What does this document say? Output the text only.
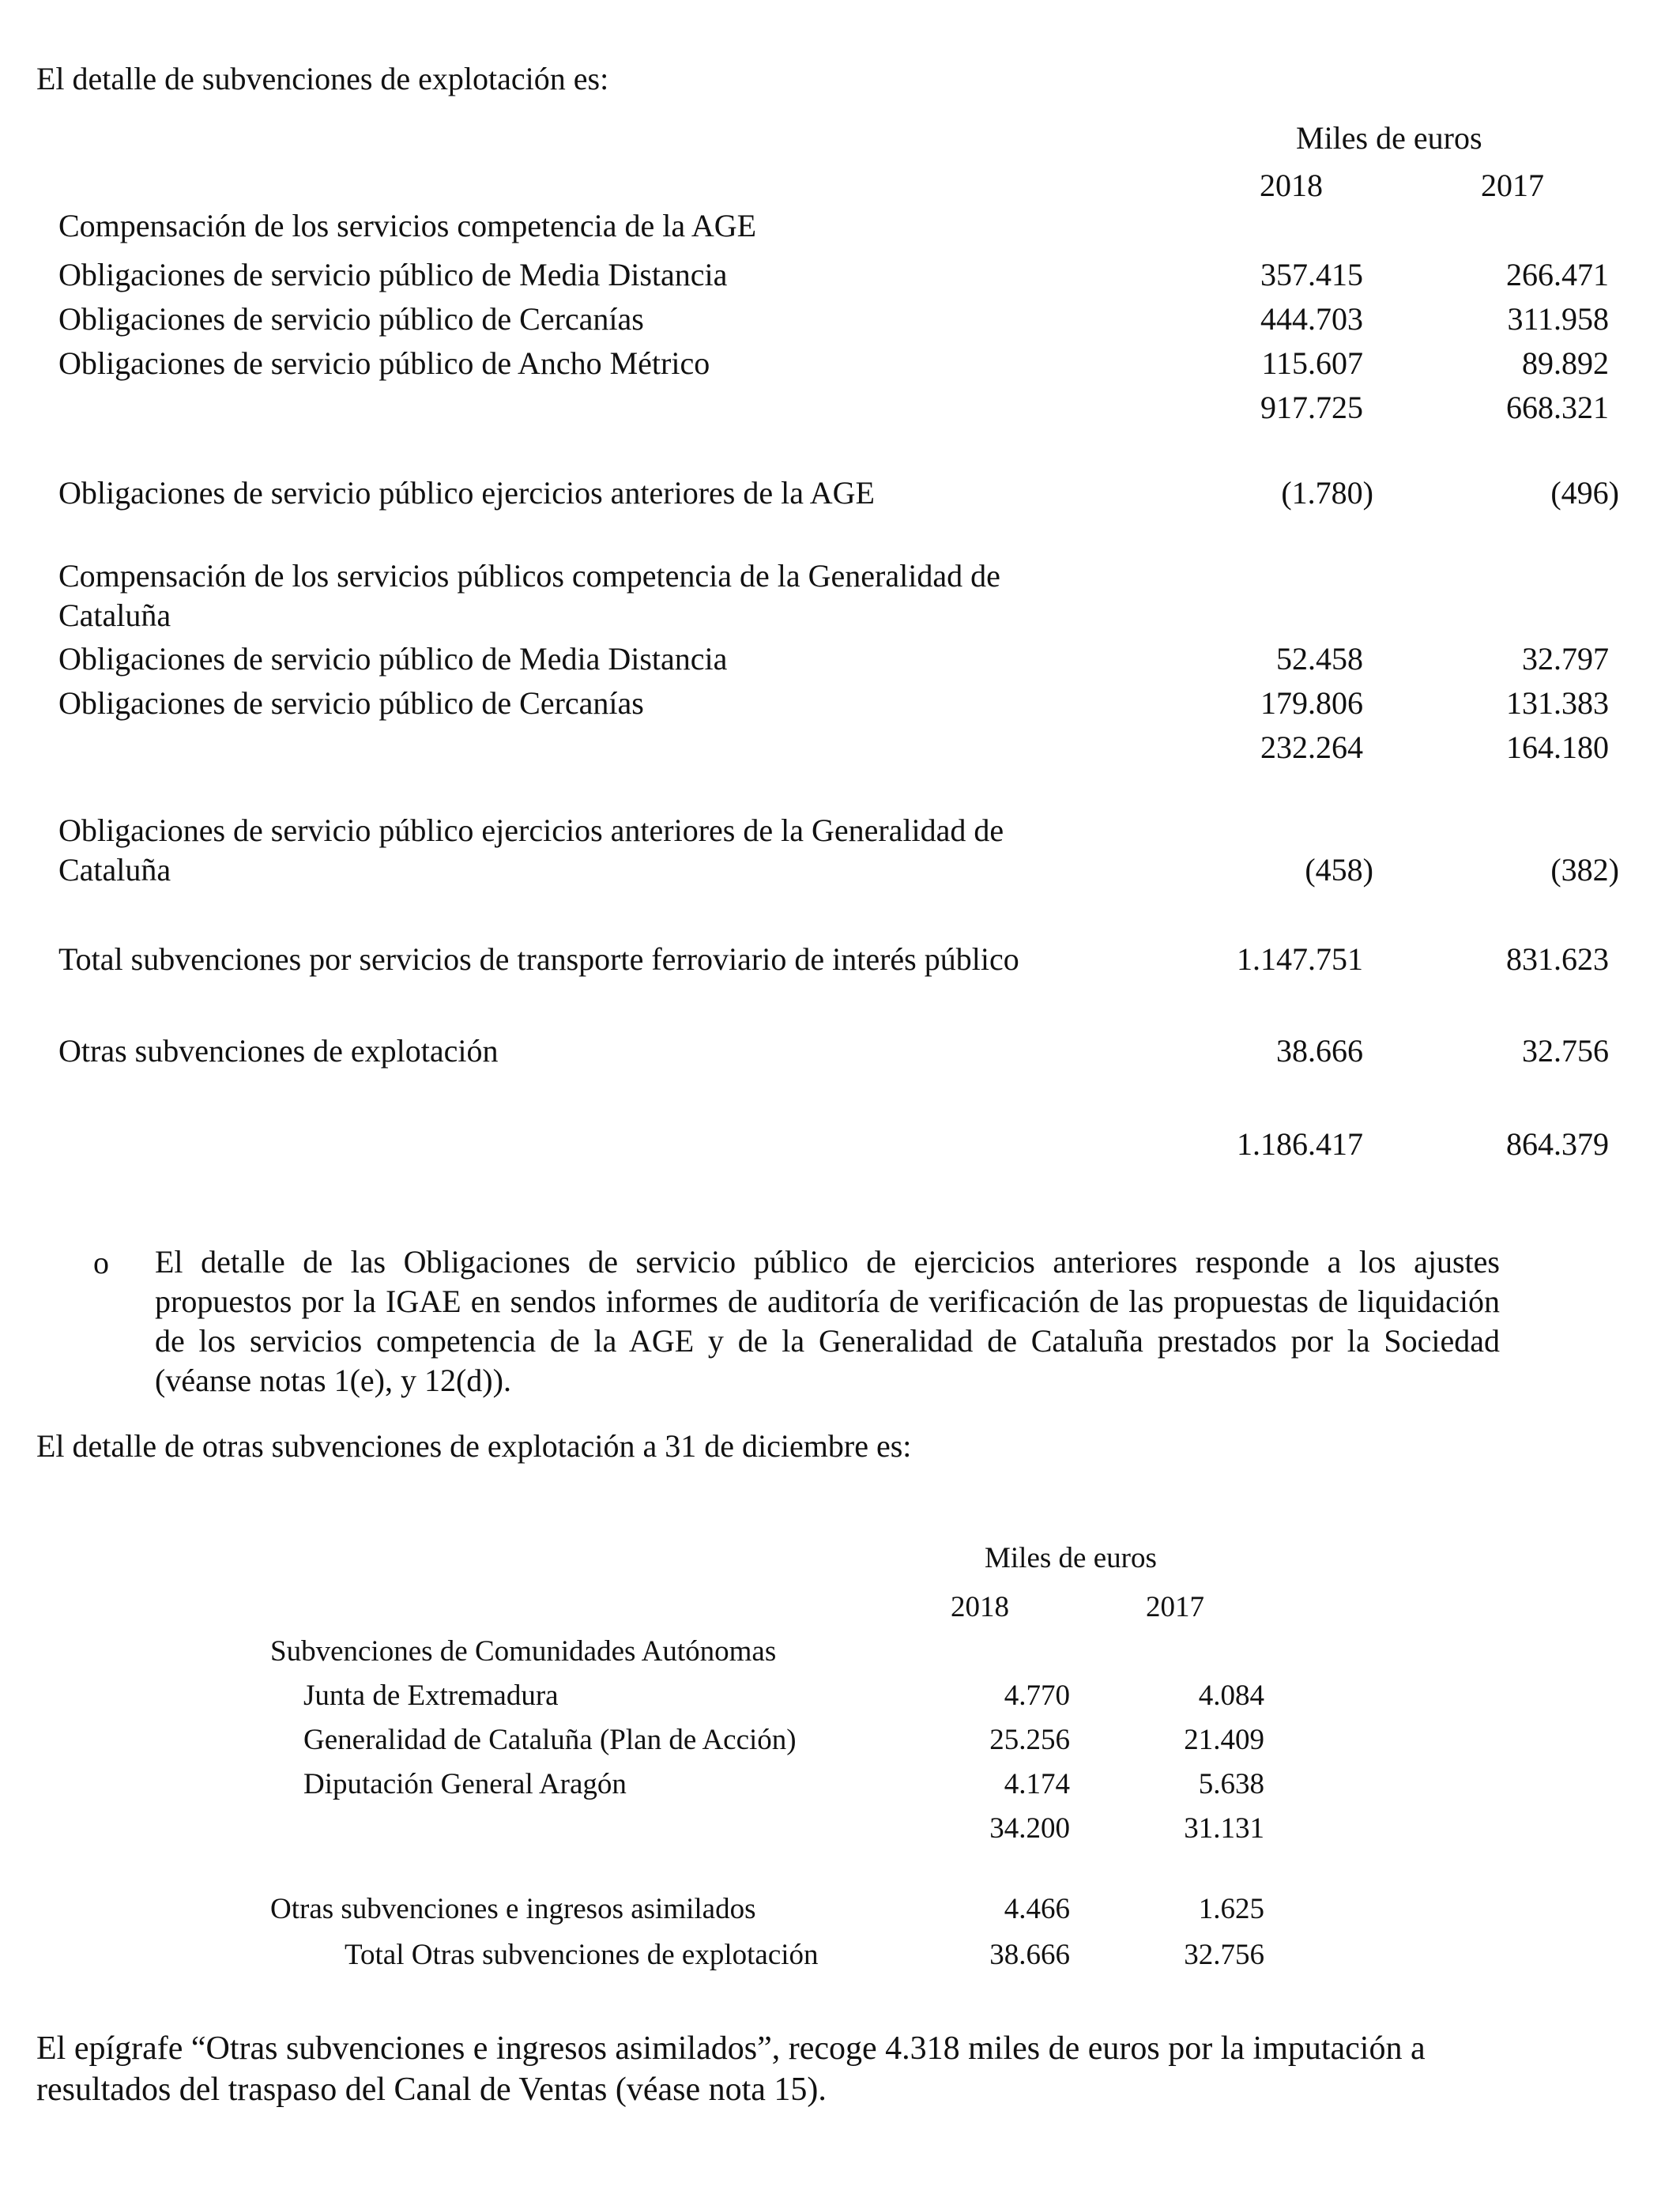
El detalle de subvenciones de explotación es:
Miles de euros
2018	2017
Compensación de los servicios competencia de la AGE
Obligaciones de servicio público de Media Distancia	357.415	266.471
Obligaciones de servicio público de Cercanías	444.703	311.958
Obligaciones de servicio público de Ancho Métrico	115.607	89.892
917.725	668.321
Obligaciones de servicio público ejercicios anteriores de la AGE	(1.780)	(496)
Compensación de los servicios públicos competencia de la Generalidad de
Cataluña
Obligaciones de servicio público de Media Distancia	52.458	32.797
Obligaciones de servicio público de Cercanías	179.806	131.383
232.264	164.180
Obligaciones de servicio público ejercicios anteriores de la Generalidad de
Cataluña	(458)	(382)
Total subvenciones por servicios de transporte ferroviario de interés público	1.147.751	831.623
Otras subvenciones de explotación	38.666	32.756
1.186.417	864.379
o El detalle de las Obligaciones de servicio público de ejercicios anteriores responde a los ajustes propuestos por la IGAE en sendos informes de auditoría de verificación de las propuestas de liquidación de los servicios competencia de la AGE y de la Generalidad de Cataluña prestados por la Sociedad (véanse notas 1(e), y 12(d)).
El detalle de otras subvenciones de explotación a 31 de diciembre es:
Miles de euros
2018	2017
Subvenciones de Comunidades Autónomas
Junta de Extremadura	4.770	4.084
Generalidad de Cataluña (Plan de Acción)	25.256	21.409
Diputación General Aragón	4.174	5.638
34.200	31.131
Otras subvenciones e ingresos asimilados	4.466	1.625
Total Otras subvenciones de explotación	38.666	32.756
El epígrafe “Otras subvenciones e ingresos asimilados”, recoge 4.318 miles de euros por la imputación a resultados del traspaso del Canal de Ventas (véase nota 15).
